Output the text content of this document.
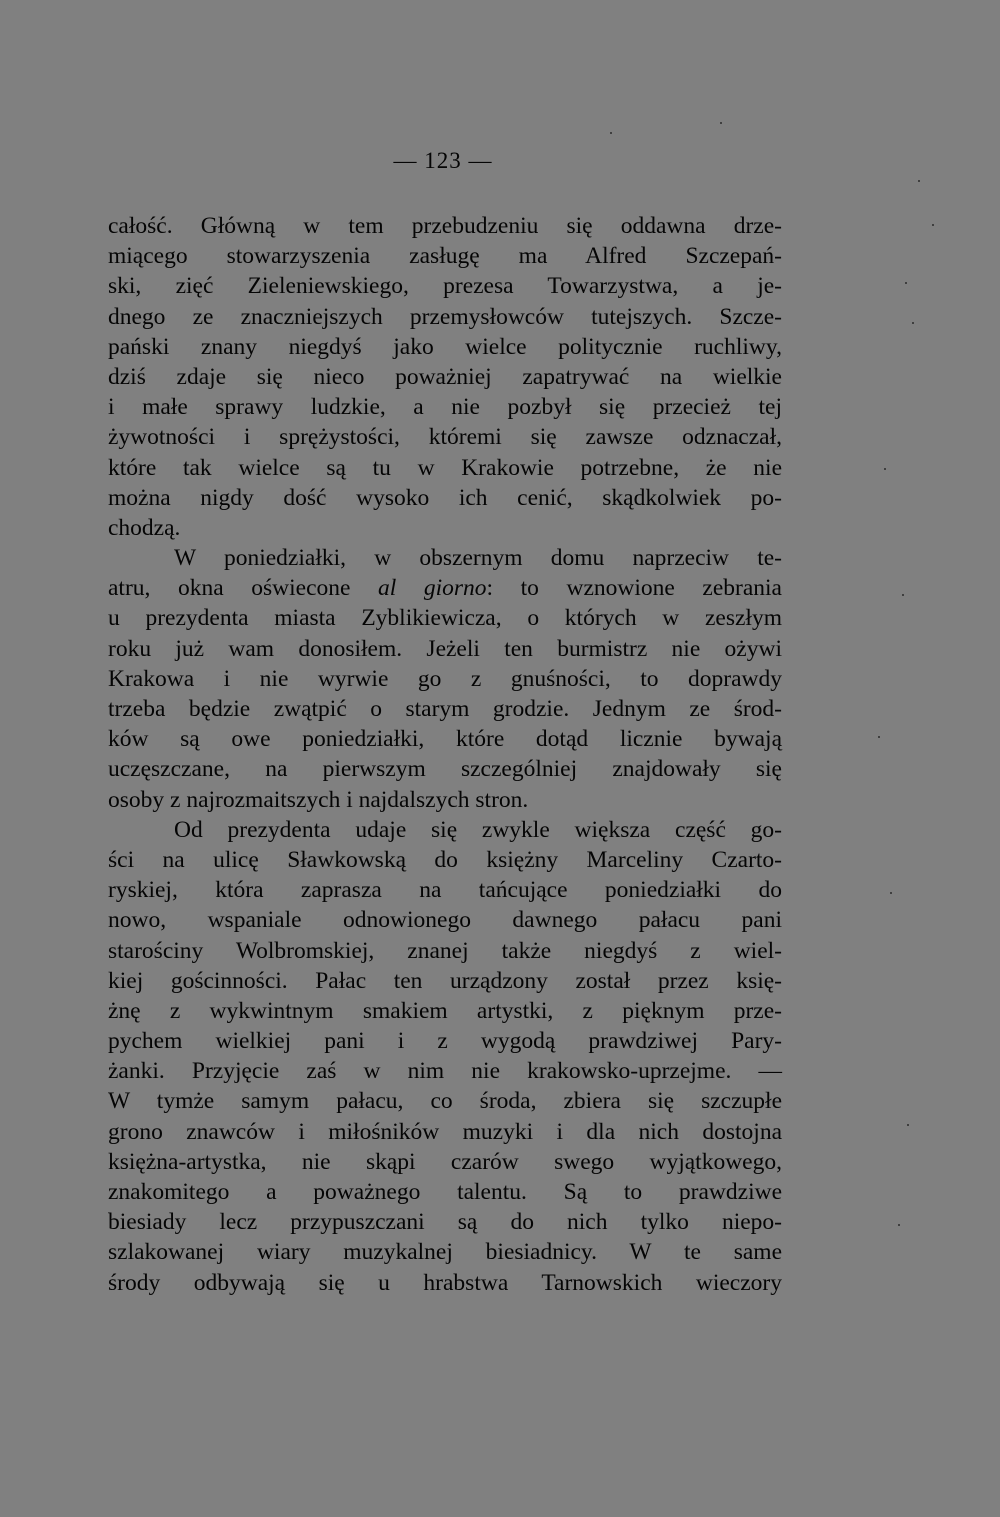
— 123 —
całość. Główną w tem przebudzeniu się oddawna drze-
miącego stowarzyszenia zasługę ma Alfred Szczepań-
ski, zięć Zieleniewskiego, prezesa Towarzystwa, a je-
dnego ze znaczniejszych przemysłowców tutejszych. Szcze-
pański znany niegdyś jako wielce politycznie ruchliwy,
dziś zdaje się nieco poważniej zapatrywać na wielkie
i małe sprawy ludzkie, a nie pozbył się przecież tej
żywotności i sprężystości, któremi się zawsze odznaczał,
które tak wielce są tu w Krakowie potrzebne, że nie
można nigdy dość wysoko ich cenić, skądkolwiek po-
chodzą.
W poniedziałki, w obszernym domu naprzeciw te-
atru, okna oświecone al giorno: to wznowione zebrania
u prezydenta miasta Zyblikiewicza, o których w zeszłym
roku już wam donosiłem. Jeżeli ten burmistrz nie ożywi
Krakowa i nie wyrwie go z gnuśności, to doprawdy
trzeba będzie zwątpić o starym grodzie. Jednym ze środ-
ków są owe poniedziałki, które dotąd licznie bywają
uczęszczane, na pierwszym szczególniej znajdowały się
osoby z najrozmaitszych i najdalszych stron.
Od prezydenta udaje się zwykle większa część go-
ści na ulicę Sławkowską do księżny Marceliny Czarto-
ryskiej, która zaprasza na tańcujące poniedziałki do
nowo, wspaniale odnowionego dawnego pałacu pani
starościny Wolbromskiej, znanej także niegdyś z wiel-
kiej gościnności. Pałac ten urządzony został przez księ-
żnę z wykwintnym smakiem artystki, z pięknym prze-
pychem wielkiej pani i z wygodą prawdziwej Pary-
żanki. Przyjęcie zaś w nim nie krakowsko-uprzejme. —
W tymże samym pałacu, co środa, zbiera się szczupłe
grono znawców i miłośników muzyki i dla nich dostojna
księżna-artystka, nie skąpi czarów swego wyjątkowego,
znakomitego a poważnego talentu. Są to prawdziwe
biesiady lecz przypuszczani są do nich tylko niepo-
szlakowanej wiary muzykalnej biesiadnicy. W te same
środy odbywają się u hrabstwa Tarnowskich wieczory
